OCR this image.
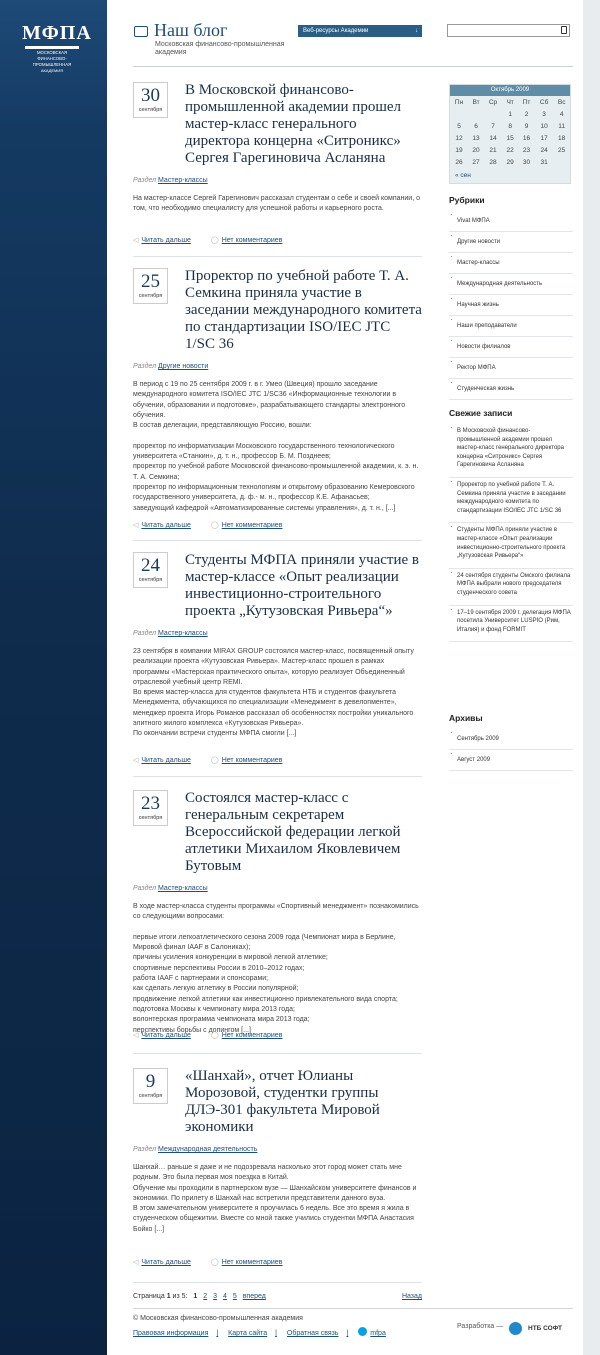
МФПА
МОСКОВСКАЯ ФИНАНСОВО-ПРОМЫШЛЕННАЯ
АКАДЕМИЯ
Наш блог
Московская финансово-промышленная академия
Веб-ресурсы Академии	↓
30
сентября
В Московской финансово-промышленной академии прошел мастер-класс генерального директора концерна «Ситроникс» Сергея Гарегиновича Асланяна
Раздел Мастер-классы

На мастер-классе Сергей Гарегинович рассказал студентам о себе и своей компании, о том, что необходимо специалисту для успешной работы и карьерного роста.

25
сентября
Проректор по учебной работе Т. А. Семкина приняла участие в заседании международного комитета по стандартизации ISO/IEC JTC 1/SC 36
Раздел Другие новости

В период с 19 по 25 сентября 2009 г. в г. Умео (Швеция) прошло заседание международного комитета ISO/IEC JTC 1/SC36 «Информационные технологии в обучении, образовании и подготовке», разрабатывающего стандарты электронного обучения.

В состав делегации, представляющую Россию, вошли:

проректор по информатизации Московского государственного технологического университета «Станкин», д. т. н., профессор Б. М. Позднеев;

проректор по учебной работе Московской финансово-промышленной академии, к. э. н. Т. А. Семкина;

проректор по информационным технологиям и открытому образованию Кемеровского государственного университета, д. ф.- м. н., профессор К.Е. Афанасьев;

заведующий кафедрой «Автоматизированные системы управления», д. т. н., [...]

24
сентября
Студенты МФПА приняли участие в мастер-классе «Опыт реализации инвестиционно-строительного проекта „Кутузовская Ривьера“»
Раздел Мастер-классы

23 сентября в компании MIRAX GROUP состоялся мастер-класс, посвященный опыту реализации проекта «Кутузовская Ривьера». Мастер-класс прошел в рамках программы «Мастерская практического опыта», которую реализует Объединенный отраслевой учебный центр REMI.

Во время мастер-класса для студентов факультета НТБ и студентов факультета Менеджмента, обучающихся по специализации «Менеджмент в девелопменте», менеджер проекта Игорь Романов рассказал об особенностях постройки уникального элитного жилого комплекса «Кутузовская Ривьера».

По окончании встречи студенты МФПА смогли [...]

23
сентября
Состоялся мастер-класс с генеральным секретарем Всероссийской федерации легкой атлетики Михаилом Яковлевичем Бутовым
Раздел Мастер-классы

В ходе мастер-класса студенты программы «Спортивный менеджмент» познакомились со следующими вопросами:

первые итоги легкоатлетического сезона 2009 года (Чемпионат мира в Берлине, Мировой финал IAAF в Салониках);

причины усиления конкуренции в мировой легкой атлетике;

спортивные перспективы России в 2010–2012 годах;

работа IAAF с партнерами и спонсорами;

как сделать легкую атлетику в России популярной;

продвижение легкой атлетики как инвестиционно привлекательного вида спорта;

подготовка Москвы к чемпионату мира 2013 года;

волонтерская программа чемпионата мира 2013 года;

перспективы борьбы с допингом [...]

9
сентября
«Шанхай», отчет Юлианы Морозовой, студентки группы ДЛЭ-301 факультета Мировой экономики
Раздел Международная деятельность

Шанхай… раньше я даже и не подозревала насколько этот город может стать мне родным. Это была первая моя поездка в Китай.

Обучение мы проходили в партнерском вузе — Шанхайском университете финансов и экономики. По прилету в Шанхай нас встретили представители данного вуза.

В этом замечательном университете я проучилась 6 недель. Все это время я жила в студенческом общежитии. Вместе со мной также учились студентки МФПА Анастасия Бойко [...]

Страница 1 из 5: 1 2 3 4 5 вперед	Назад
Октябрь 2009
Пн	Вт	Ср	Чт	Пт	Сб	Вс
			1	2	3	4
5	6	7	8	9	10	11
12	13	14	15	16	17	18
19	20	21	22	23	24	25
26	27	28	29	30	31	
« сен
Рубрики
· Vivat МФПА
· Другие новости
· Мастер-классы
· Международная деятельность
· Научная жизнь
· Наши преподаватели
· Новости филиалов
· Ректор МФПА
· Студенческая жизнь
Свежие записи
· В Московской финансово-промышленной академии прошел мастер-класс генерального директора концерна «Ситроникс» Сергея Гарегиновича Асланяна
· Проректор по учебной работе Т. А. Семкина приняла участие в заседании международного комитета по стандартизации ISO/IEC JTC 1/SC 36
· Студенты МФПА приняли участие в мастер-классе «Опыт реализации инвестиционно-строительного проекта „Кутузовская Ривьера“»
· 24 сентября студенты Омского филиала МФПА выбрали нового председателя студенческого совета
· 17–19 сентября 2009 г. делегация МФПА посетила Университет LUSPIO (Рим, Италия) и фонд FORMIT
Архивы
· Сентябрь 2009
· Август 2009
© Московская финансово-промышленная академия
Правовая информация | Карта сайта | Обратная связь |	mfpa
Разработка —	НТБ СОФТ
◁ Читать дальше	◯ Нет комментариев
◁ Читать дальше	◯ Нет комментариев
◁ Читать дальше	◯ Нет комментариев
◁ Читать дальше	◯ Нет комментариев
◁ Читать дальше	◯ Нет комментариев
